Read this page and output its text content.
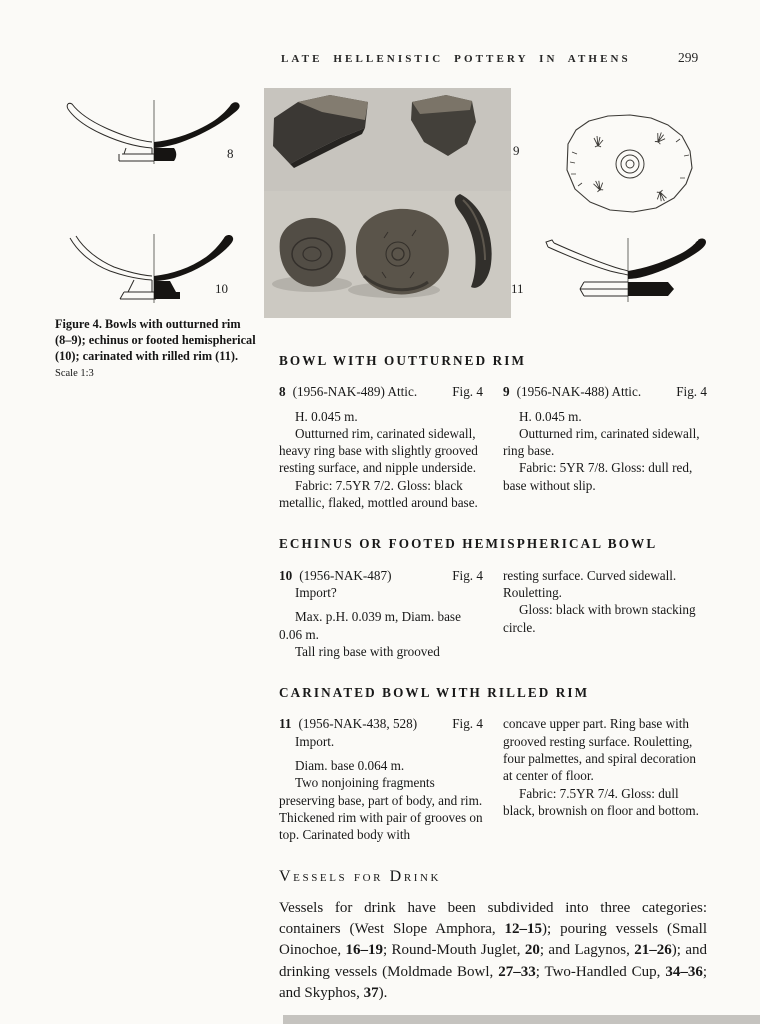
LATE HELLENISTIC POTTERY IN ATHENS	299
8	9
10	11

Figure 4. Bowls with outturned rim (8–9); echinus or footed hemispherical (10); carinated with rilled rim (11). Scale 1:3

BOWL WITH OUTTURNED RIM
8 (1956-NAK-489) Attic.	Fig. 4

H. 0.045 m.

Outturned rim, carinated sidewall, heavy ring base with slightly grooved resting surface, and nipple underside.

Fabric: 7.5YR 7/2. Gloss: black metallic, flaked, mottled around base.

9 (1956-NAK-488) Attic.	Fig. 4

H. 0.045 m.

Outturned rim, carinated sidewall, ring base.

Fabric: 5YR 7/8. Gloss: dull red, base without slip.

ECHINUS OR FOOTED HEMISPHERICAL BOWL
10 (1956-NAK-487)	Fig. 4

Import?

Max. p.H. 0.039 m, Diam. base 0.06 m.

Tall ring base with grooved

resting surface. Curved sidewall. Rouletting.

Gloss: black with brown stacking circle.

CARINATED BOWL WITH RILLED RIM
11 (1956-NAK-438, 528)	Fig. 4

Import.

Diam. base 0.064 m.

Two nonjoining fragments preserving base, part of body, and rim. Thickened rim with pair of grooves on top. Carinated body with

concave upper part. Ring base with grooved resting surface. Rouletting, four palmettes, and spiral decoration at center of floor.

Fabric: 7.5YR 7/4. Gloss: dull black, brownish on floor and bottom.

Vessels for Drink

Vessels for drink have been subdivided into three categories: containers (West Slope Amphora, 12–15); pouring vessels (Small Oinochoe, 16–19; Round-Mouth Juglet, 20; and Lagynos, 21–26); and drinking vessels (Moldmade Bowl, 27–33; Two-Handled Cup, 34–36; and Skyphos, 37).
